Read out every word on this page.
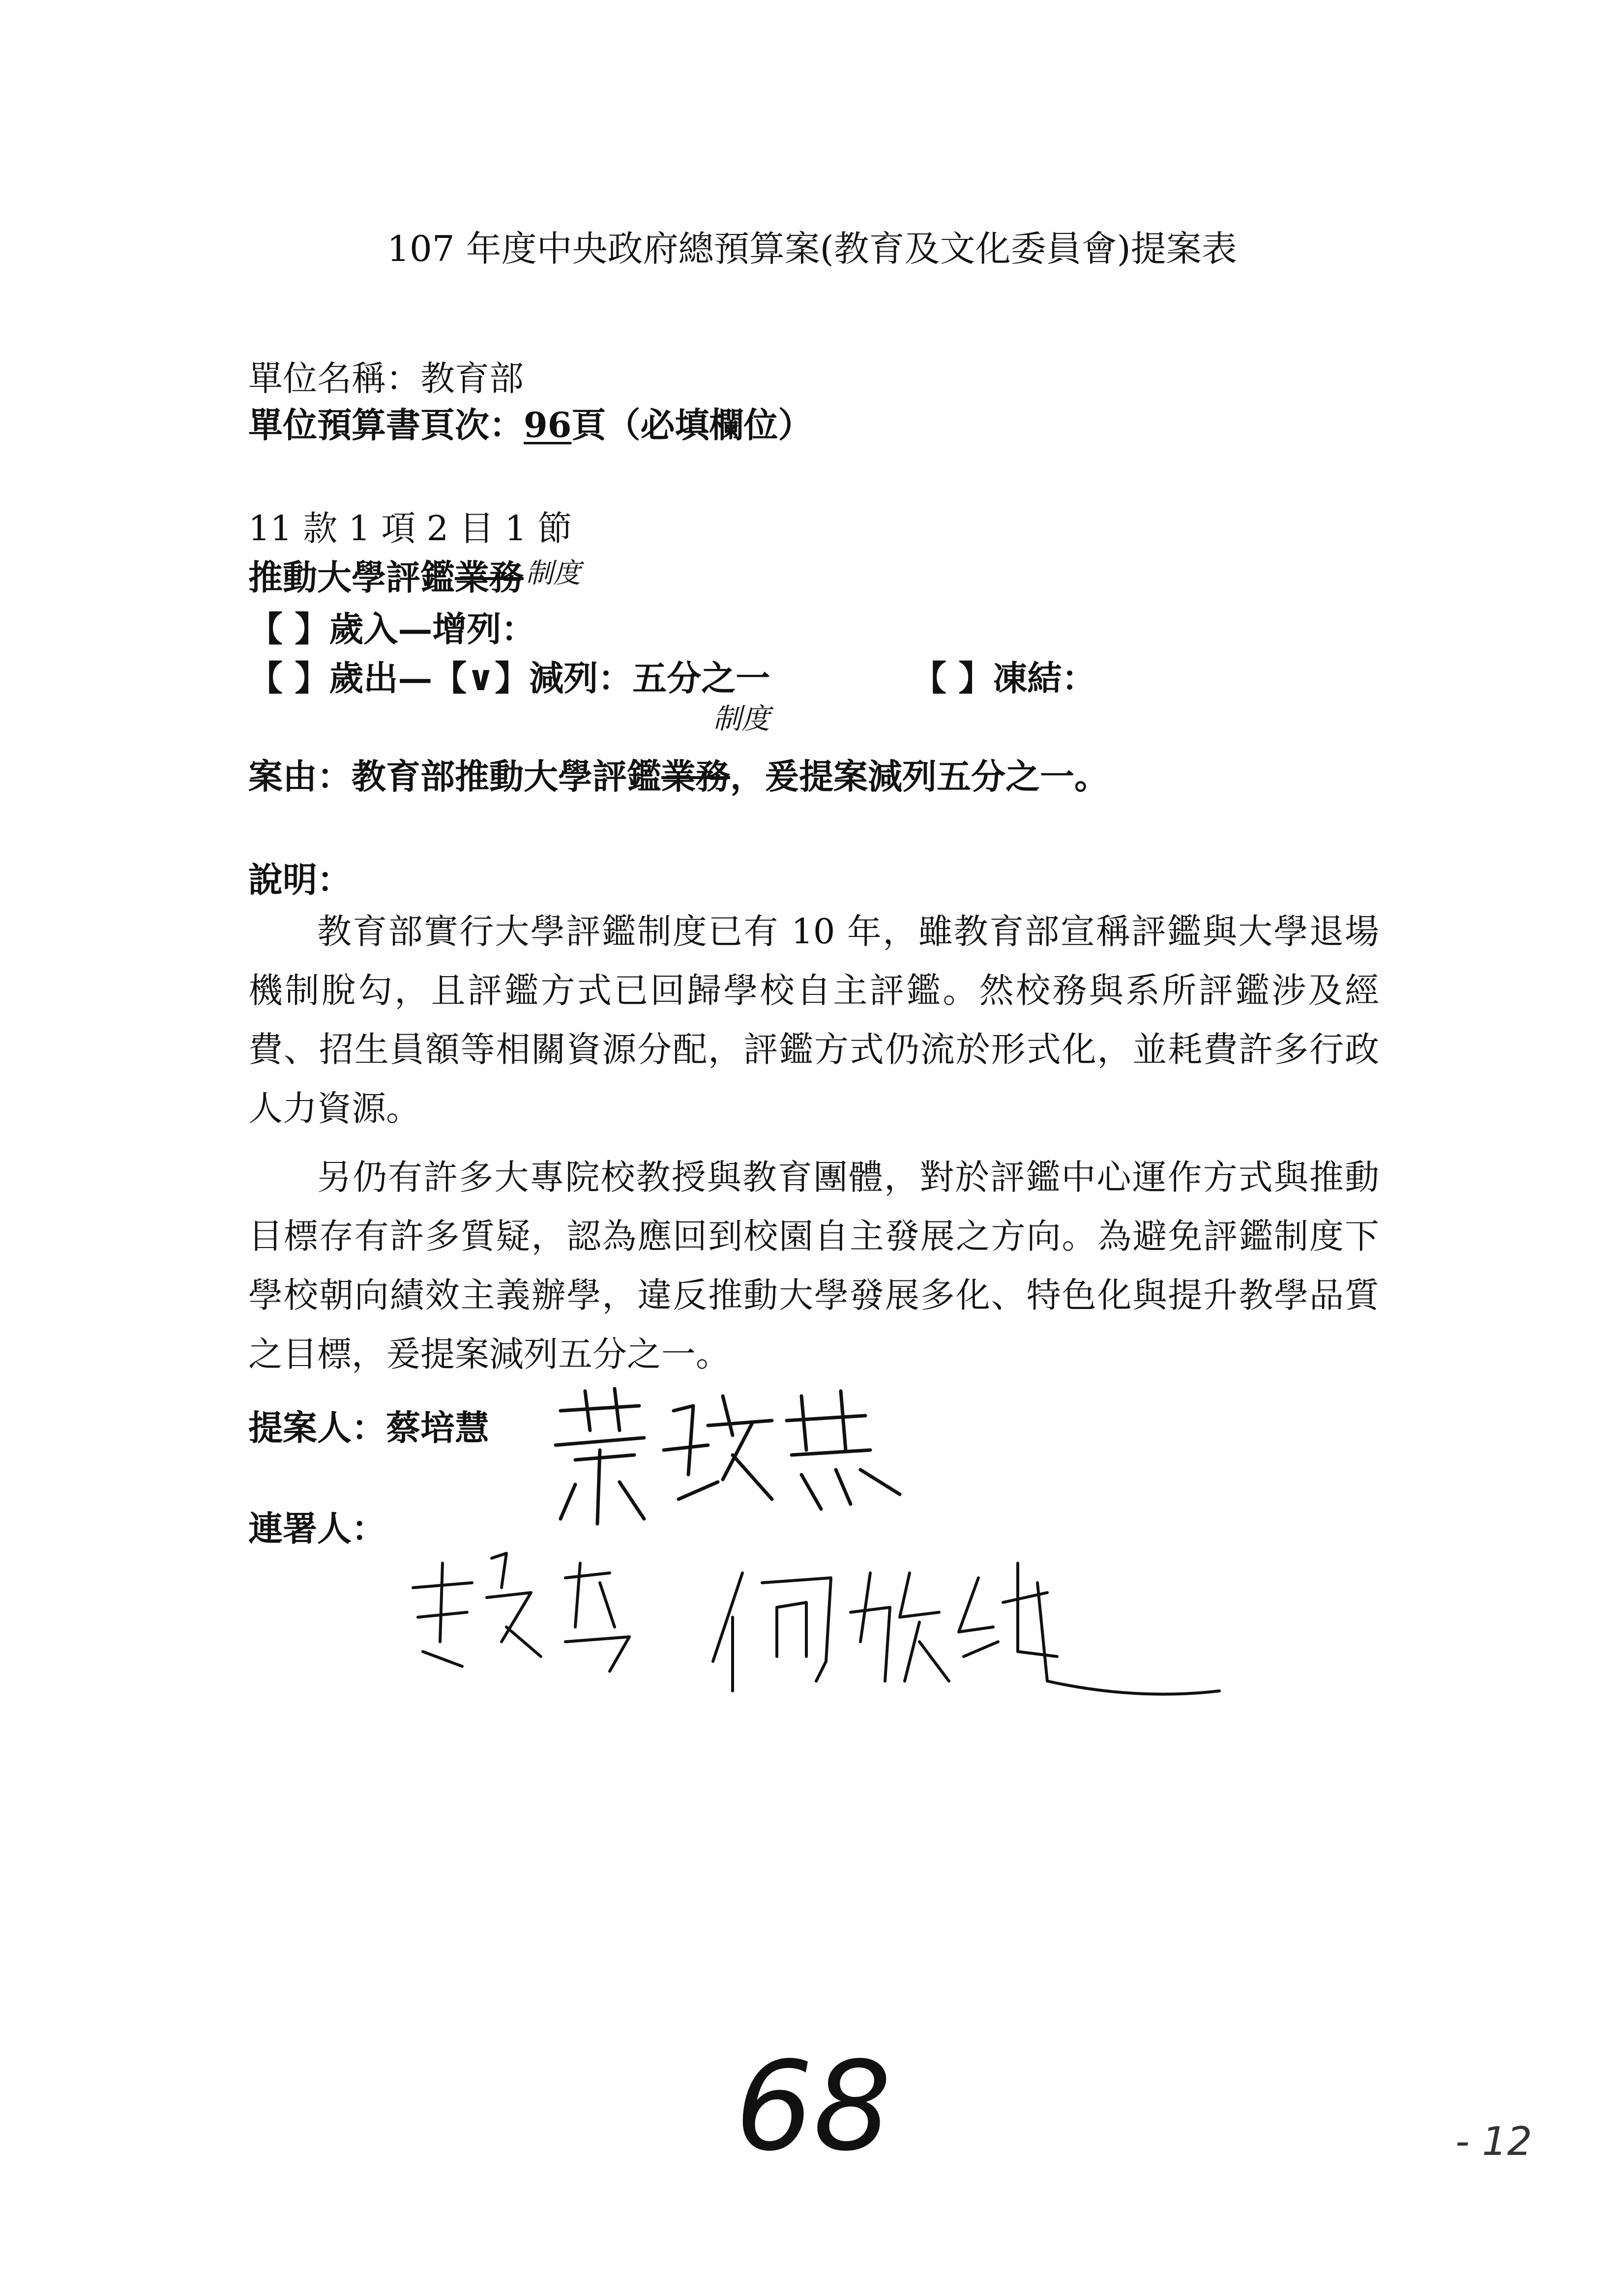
107 年度中央政府總預算案(教育及文化委員會)提案表
單位名稱：教育部
單位預算書頁次：96頁（必填欄位）
11 款 1 項 2 目 1 節
推動大學評鑑業務$^{制度}$
【 】歲入—增列：
【 】歲出—【∨】減列：五分之一	【 】凍結：
制度
案由：教育部推動大學評鑑業務，爰提案減列五分之一。
說明：
教育部實行大學評鑑制度已有 10 年，雖教育部宣稱評鑑與大學退場機制脫勾，且評鑑方式已回歸學校自主評鑑。然校務與系所評鑑涉及經費、招生員額等相關資源分配，評鑑方式仍流於形式化，並耗費許多行政人力資源。
另仍有許多大專院校教授與教育團體，對於評鑑中心運作方式與推動目標存有許多質疑，認為應回到校園自主發展之方向。為避免評鑑制度下學校朝向績效主義辦學，違反推動大學發展多化、特色化與提升教學品質之目標，爰提案減列五分之一。
提案人：蔡培慧
連署人：
68	- 12
